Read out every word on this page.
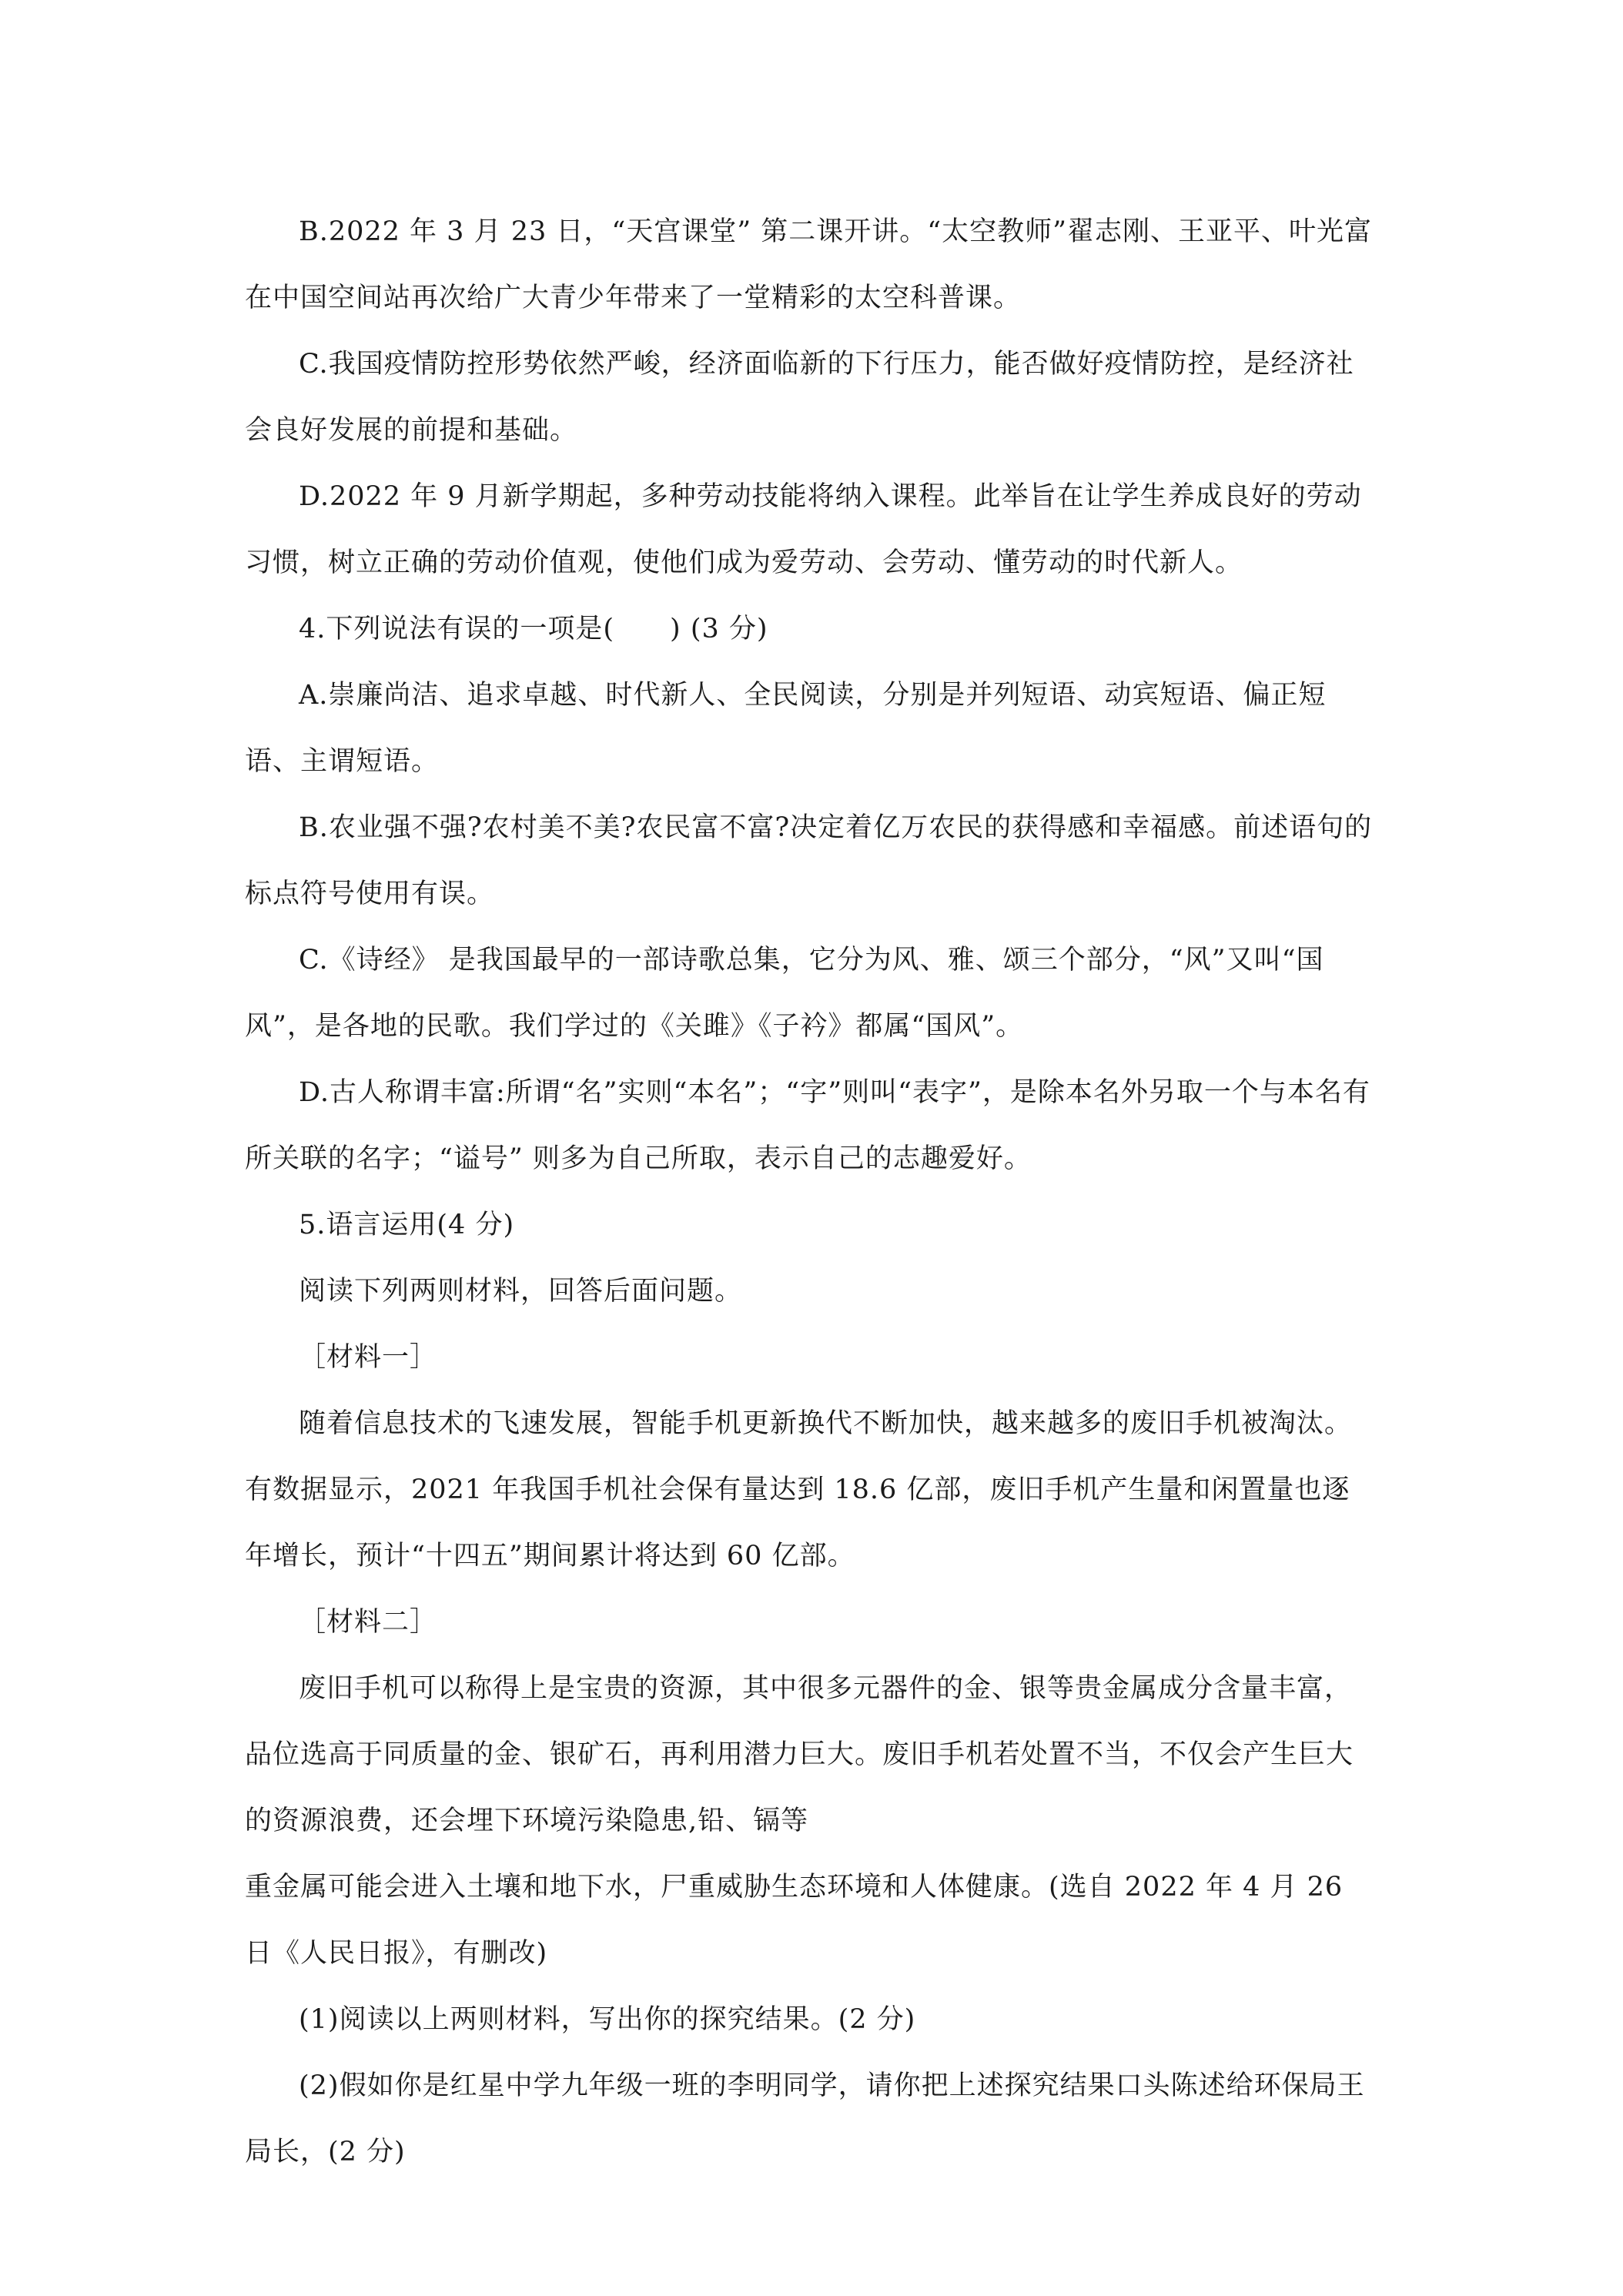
B.2022 年 3 月 23 日，“天宫课堂” 第二课开讲。“太空教师”翟志刚、王亚平、叶光富在中国空间站再次给广大青少年带来了一堂精彩的太空科普课。

C.我国疫情防控形势依然严峻，经济面临新的下行压力，能否做好疫情防控，是经济社会良好发展的前提和基础。

D.2022 年 9 月新学期起，多种劳动技能将纳入课程。此举旨在让学生养成良好的劳动习惯，树立正确的劳动价值观，使他们成为爱劳动、会劳动、懂劳动的时代新人。

4.下列说法有误的一项是(　　) (3 分)

A.崇廉尚洁、追求卓越、时代新人、全民阅读，分别是并列短语、动宾短语、偏正短语、主谓短语。

B.农业强不强?农村美不美?农民富不富?决定着亿万农民的获得感和幸福感。前述语句的标点符号使用有误。

C.《诗经》 是我国最早的一部诗歌总集，它分为风、雅、颂三个部分，“风”又叫“国风”，是各地的民歌。我们学过的《关雎》《子衿》都属“国风”。

D.古人称谓丰富:所谓“名”实则“本名”；“字”则叫“表字”，是除本名外另取一个与本名有所关联的名字；“谥号” 则多为自己所取，表示自己的志趣爱好。

5.语言运用(4 分)

阅读下列两则材料，回答后面问题。

［材料一］

随着信息技术的飞速发展，智能手机更新换代不断加快，越来越多的废旧手机被淘汰。有数据显示，2021 年我国手机社会保有量达到 18.6 亿部，废旧手机产生量和闲置量也逐年增长，预计“十四五”期间累计将达到 60 亿部。

［材料二］

废旧手机可以称得上是宝贵的资源，其中很多元器件的金、银等贵金属成分含量丰富，品位选高于同质量的金、银矿石，再利用潜力巨大。废旧手机若处置不当，不仅会产生巨大的资源浪费，还会埋下环境污染隐患,铅、镉等

重金属可能会进入土壤和地下水，尸重威胁生态环境和人体健康。(选自 2022 年 4 月 26 日《人民日报》，有删改)

(1)阅读以上两则材料，写出你的探究结果。(2 分)

(2)假如你是红星中学九年级一班的李明同学，请你把上述探究结果口头陈述给环保局王局长，(2 分)
